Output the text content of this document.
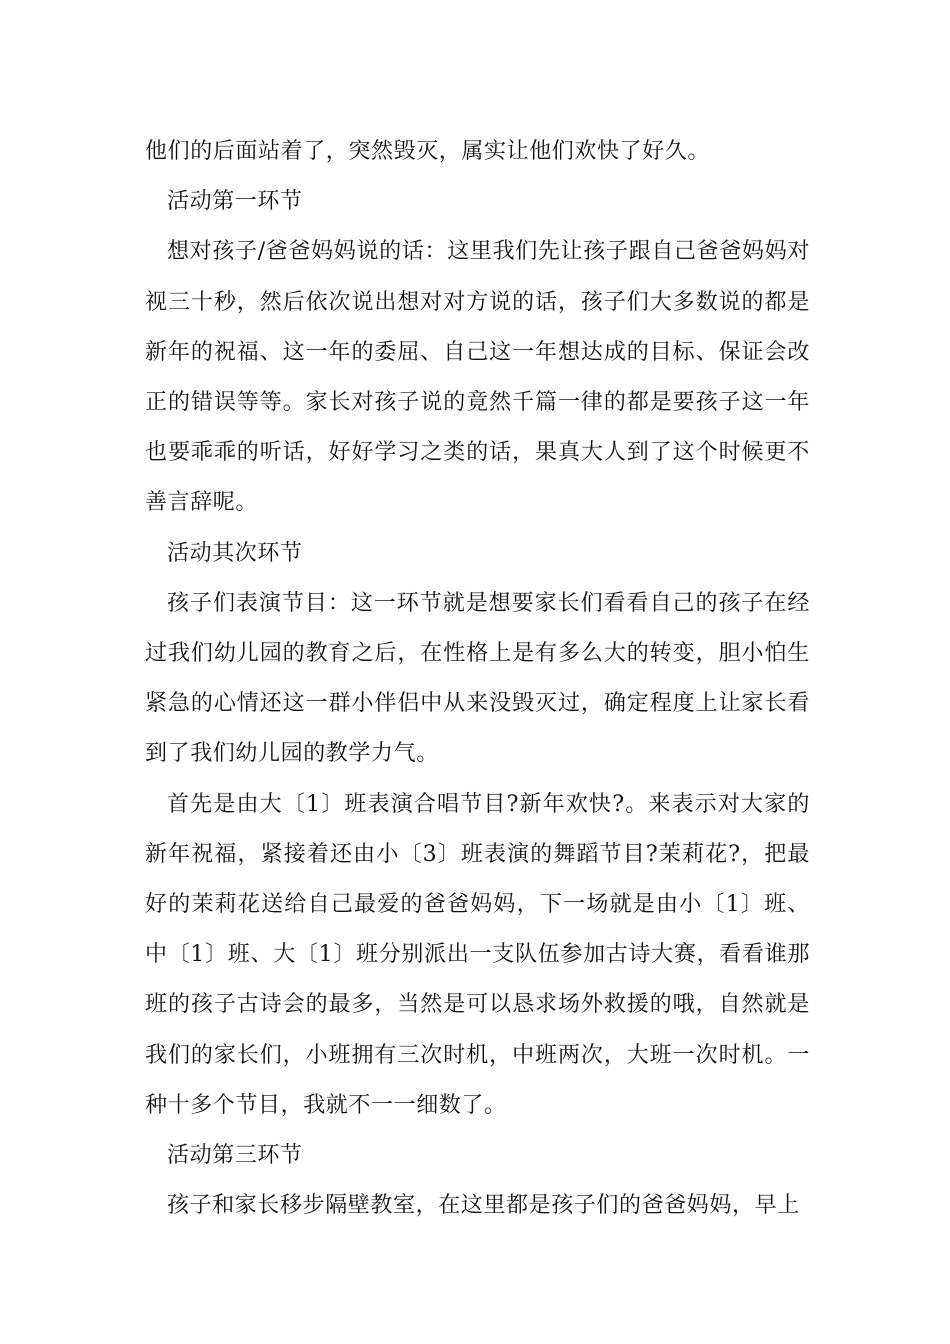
他们的后面站着了，突然毁灭，属实让他们欢快了好久。

活动第一环节

想对孩子/爸爸妈妈说的话：这里我们先让孩子跟自己爸爸妈妈对视三十秒，然后依次说出想对对方说的话，孩子们大多数说的都是新年的祝福、这一年的委屈、自己这一年想达成的目标、保证会改正的错误等等。家长对孩子说的竟然千篇一律的都是要孩子这一年也要乖乖的听话，好好学习之类的话，果真大人到了这个时候更不善言辞呢。

活动其次环节

孩子们表演节目：这一环节就是想要家长们看看自己的孩子在经过我们幼儿园的教育之后，在性格上是有多么大的转变，胆小怕生紧急的心情还这一群小伴侣中从来没毁灭过，确定程度上让家长看到了我们幼儿园的教学力气。

首先是由大〔1〕班表演合唱节目?新年欢快?。来表示对大家的新年祝福，紧接着还由小〔3〕班表演的舞蹈节目?茉莉花?，把最好的茉莉花送给自己最爱的爸爸妈妈，下一场就是由小〔1〕班、中〔1〕班、大〔1〕班分别派出一支队伍参加古诗大赛，看看谁那班的孩子古诗会的最多，当然是可以恳求场外救援的哦，自然就是我们的家长们，小班拥有三次时机，中班两次，大班一次时机。一种十多个节目，我就不一一细数了。

活动第三环节

孩子和家长移步隔壁教室，在这里都是孩子们的爸爸妈妈，早上
